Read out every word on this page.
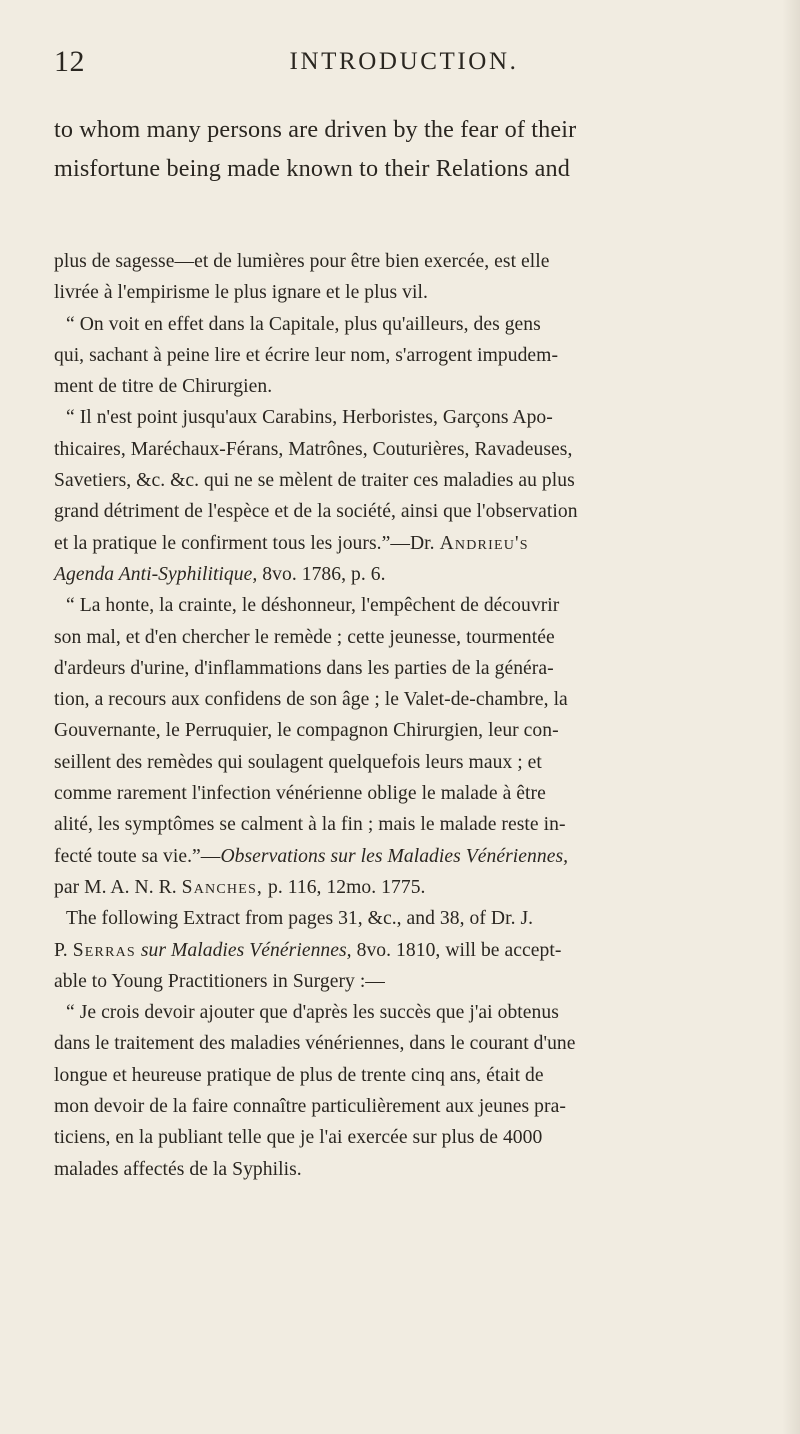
12	INTRODUCTION.
to whom many persons are driven by the fear of their
misfortune being made known to their Relations and
plus de sagesse—et de lumières pour être bien exercée, est elle
livrée à l'empirisme le plus ignare et le plus vil.
“ On voit en effet dans la Capitale, plus qu'ailleurs, des gens
qui, sachant à peine lire et écrire leur nom, s'arrogent impudem-
ment de titre de Chirurgien.
“ Il n'est point jusqu'aux Carabins, Herboristes, Garçons Apo-
thicaires, Maréchaux-Férans, Matrônes, Couturières, Ravadeuses,
Savetiers, &c. &c. qui ne se mèlent de traiter ces maladies au plus
grand détriment de l'espèce et de la société, ainsi que l'observation
et la pratique le confirment tous les jours.”—Dr. Andrieu's
Agenda Anti-Syphilitique, 8vo. 1786, p. 6.
“ La honte, la crainte, le déshonneur, l'empêchent de découvrir
son mal, et d'en chercher le remède ; cette jeunesse, tourmentée
d'ardeurs d'urine, d'inflammations dans les parties de la généra-
tion, a recours aux confidens de son âge ; le Valet-de-chambre, la
Gouvernante, le Perruquier, le compagnon Chirurgien, leur con-
seillent des remèdes qui soulagent quelquefois leurs maux ; et
comme rarement l'infection vénérienne oblige le malade à être
alité, les symptômes se calment à la fin ; mais le malade reste in-
fecté toute sa vie.”—Observations sur les Maladies Vénériennes,
par M. A. N. R. Sanches, p. 116, 12mo. 1775.
The following Extract from pages 31, &c., and 38, of Dr. J.
P. Serras sur Maladies Vénériennes, 8vo. 1810, will be accept-
able to Young Practitioners in Surgery :—
“ Je crois devoir ajouter que d'après les succès que j'ai obtenus
dans le traitement des maladies vénériennes, dans le courant d'une
longue et heureuse pratique de plus de trente cinq ans, était de
mon devoir de la faire connaître particulièrement aux jeunes pra-
ticiens, en la publiant telle que je l'ai exercée sur plus de 4000
malades affectés de la Syphilis.
